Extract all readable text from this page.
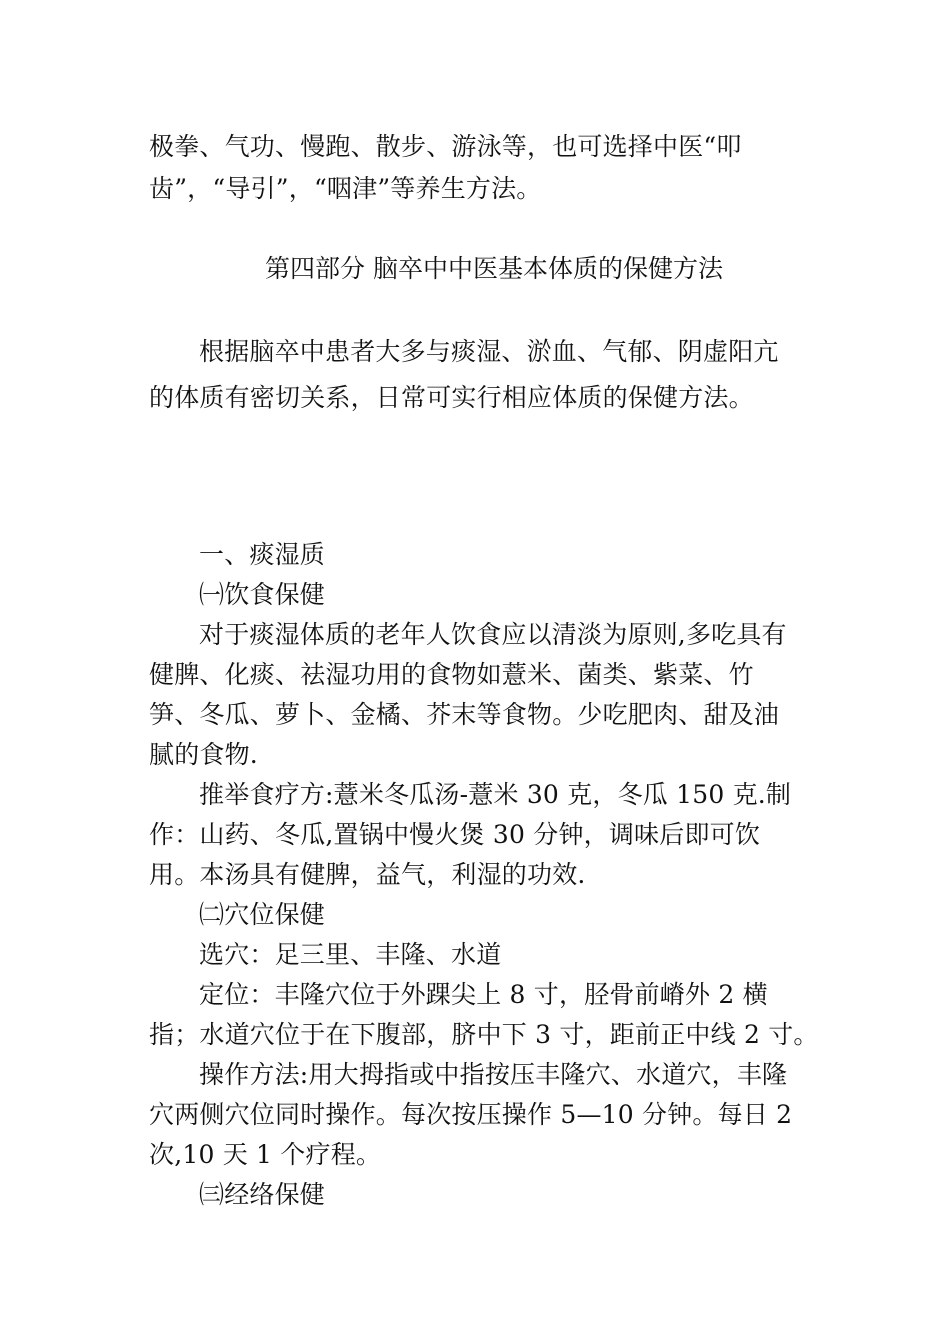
极拳、气功、慢跑、散步、游泳等，也可选择中医“叩
齿”，“导引”，“咽津”等养生方法。
第四部分 脑卒中中医基本体质的保健方法
根据脑卒中患者大多与痰湿、淤血、气郁、阴虚阳亢
的体质有密切关系，日常可实行相应体质的保健方法。
一、痰湿质
㈠饮食保健
对于痰湿体质的老年人饮食应以清淡为原则,多吃具有
健脾、化痰、祛湿功用的食物如薏米、菌类、紫菜、竹
笋、冬瓜、萝卜、金橘、芥末等食物。少吃肥肉、甜及油
腻的食物.
推举食疗方:薏米冬瓜汤-薏米 30 克，冬瓜 150 克.制
作：山药、冬瓜,置锅中慢火煲 30 分钟，调味后即可饮
用。本汤具有健脾，益气，利湿的功效.
㈡穴位保健
选穴：足三里、丰隆、水道
定位：丰隆穴位于外踝尖上 8 寸，胫骨前嵴外 2 横
指；水道穴位于在下腹部，脐中下 3 寸，距前正中线 2 寸。
操作方法:用大拇指或中指按压丰隆穴、水道穴，丰隆
穴两侧穴位同时操作。每次按压操作 5—10 分钟。每日 2
次,10 天 1 个疗程。
㈢经络保健
